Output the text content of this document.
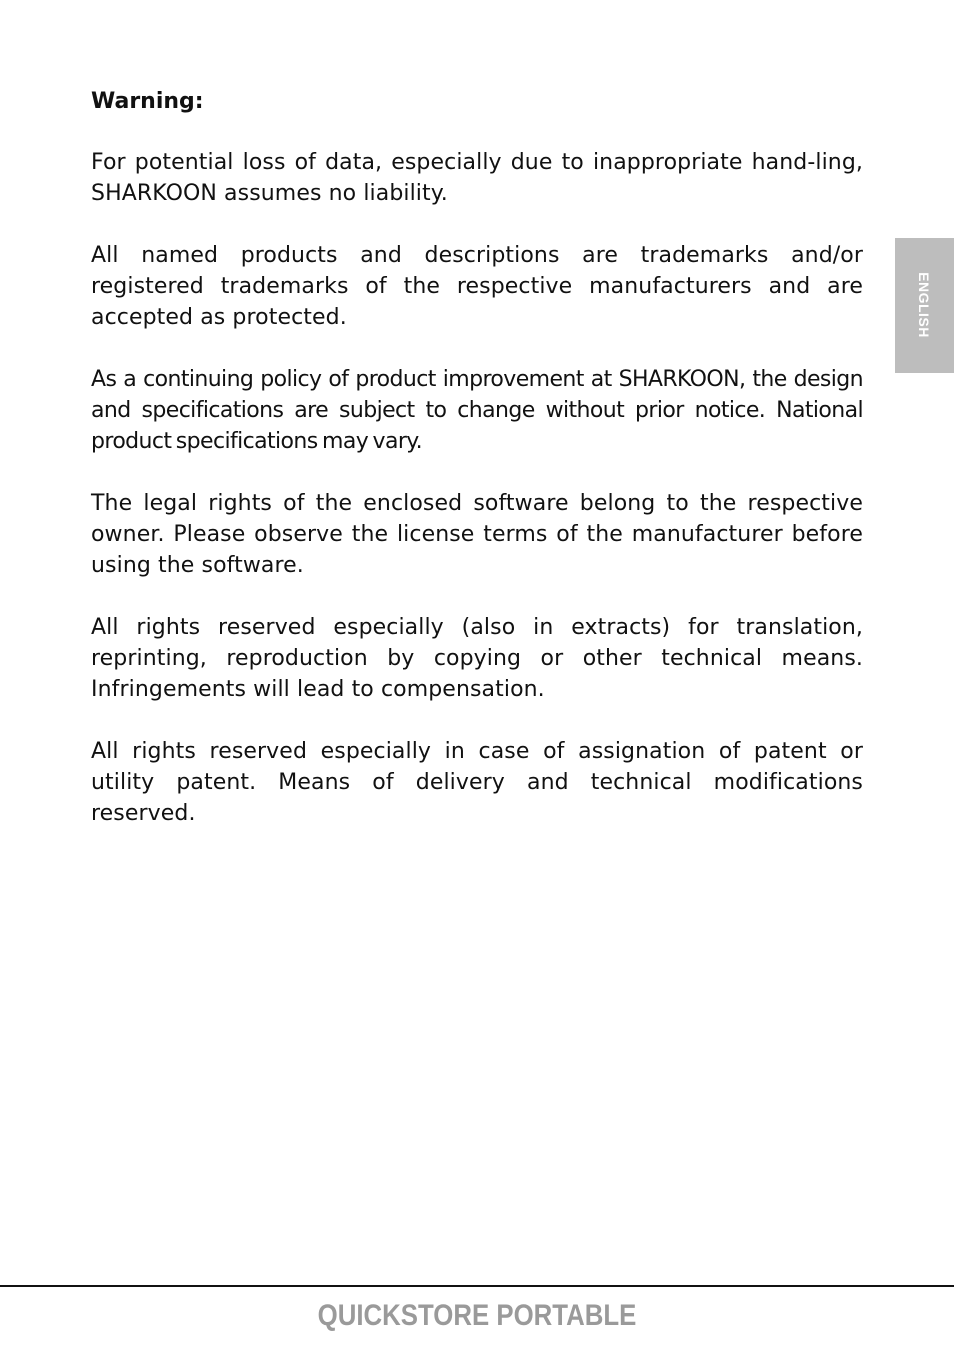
Warning:

For potential loss of data, especially due to inappropriate hand-ling, SHARKOON assumes no liability.

All named products and descriptions are trademarks and/or registered trademarks of the respective manufacturers and are accepted as protected.

As a continuing policy of product improvement at SHARKOON, the design and specifications are subject to change without prior notice. National product specifications may vary.

The legal rights of the enclosed software belong to the respective owner. Please observe the license terms of the manufacturer before using the software.

All rights reserved especially (also in extracts) for translation, reprinting, reproduction by copying or other technical means. Infringements will lead to compensation.

All rights reserved especially in case of assignation of patent or utility patent. Means of delivery and technical modifications reserved.

ENGLISH
QUICKSTORE PORTABLE
